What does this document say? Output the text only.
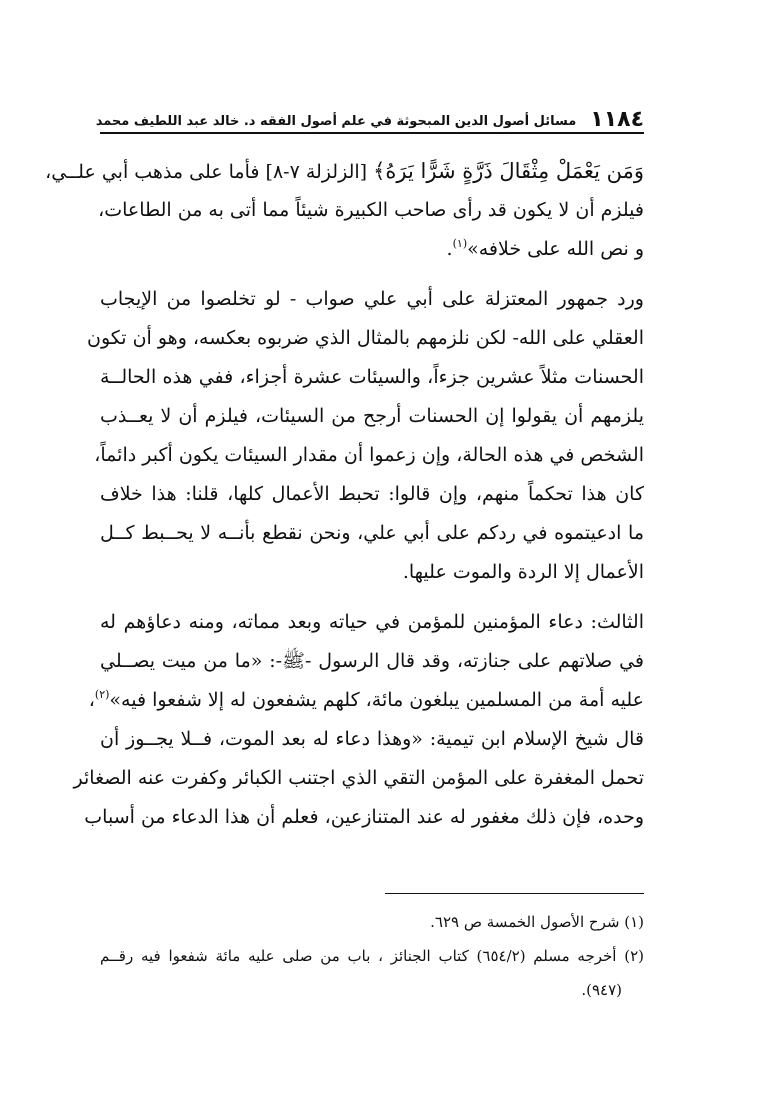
١١٨٤
مسائل أصول الدين المبحوثة في علم أصول الفقه د. خالد عبد اللطيف محمد
وَمَن يَعْمَلْ مِثْقَالَ ذَرَّةٍ شَرًّا يَرَهُ﴾ [الزلزلة ٧-٨] فأما على مذهب أبي علــي،
فيلزم أن لا يكون قد رأى صاحب الكبيرة شيئاً مما أتى به من الطاعات،
و نص الله على خلافه»$^{(١)}$.
ورد جمهور المعتزلة على أبي علي صواب - لو تخلصوا من الإيجاب
العقلي على الله- لكن نلزمهم بالمثال الذي ضربوه بعكسه، وهو أن تكون
الحسنات مثلاً عشرين جزءاً، والسيئات عشرة أجزاء، ففي هذه الحالــة
يلزمهم أن يقولوا إن الحسنات أرجح من السيئات، فيلزم أن لا يعــذب
الشخص في هذه الحالة، وإن زعموا أن مقدار السيئات يكون أكبر دائماً،
كان هذا تحكماً منهم، وإن قالوا: تحبط الأعمال كلها، قلنا: هذا خلاف
ما ادعيتموه في ردكم على أبي علي، ونحن نقطع بأنــه لا يحــبط كــل
الأعمال إلا الردة والموت عليها.
الثالث: دعاء المؤمنين للمؤمن في حياته وبعد مماته، ومنه دعاؤهم له
في صلاتهم على جنازته، وقد قال الرسول -ﷺ-: «ما من ميت يصــلي
عليه أمة من المسلمين يبلغون مائة، كلهم يشفعون له إلا شفعوا فيه»$^{(٢)}$،
قال شيخ الإسلام ابن تيمية: «وهذا دعاء له بعد الموت، فــلا يجــوز أن
تحمل المغفرة على المؤمن التقي الذي اجتنب الكبائر وكفرت عنه الصغائر
وحده، فإن ذلك مغفور له عند المتنازعين، فعلم أن هذا الدعاء من أسباب
(١) شرح الأصول الخمسة ص ٦٢٩.
(٢) أخرجه مسلم (٦٥٤/٢) كتاب الجنائز ، باب من صلى عليه مائة شفعوا فيه رقــم
(٩٤٧).
